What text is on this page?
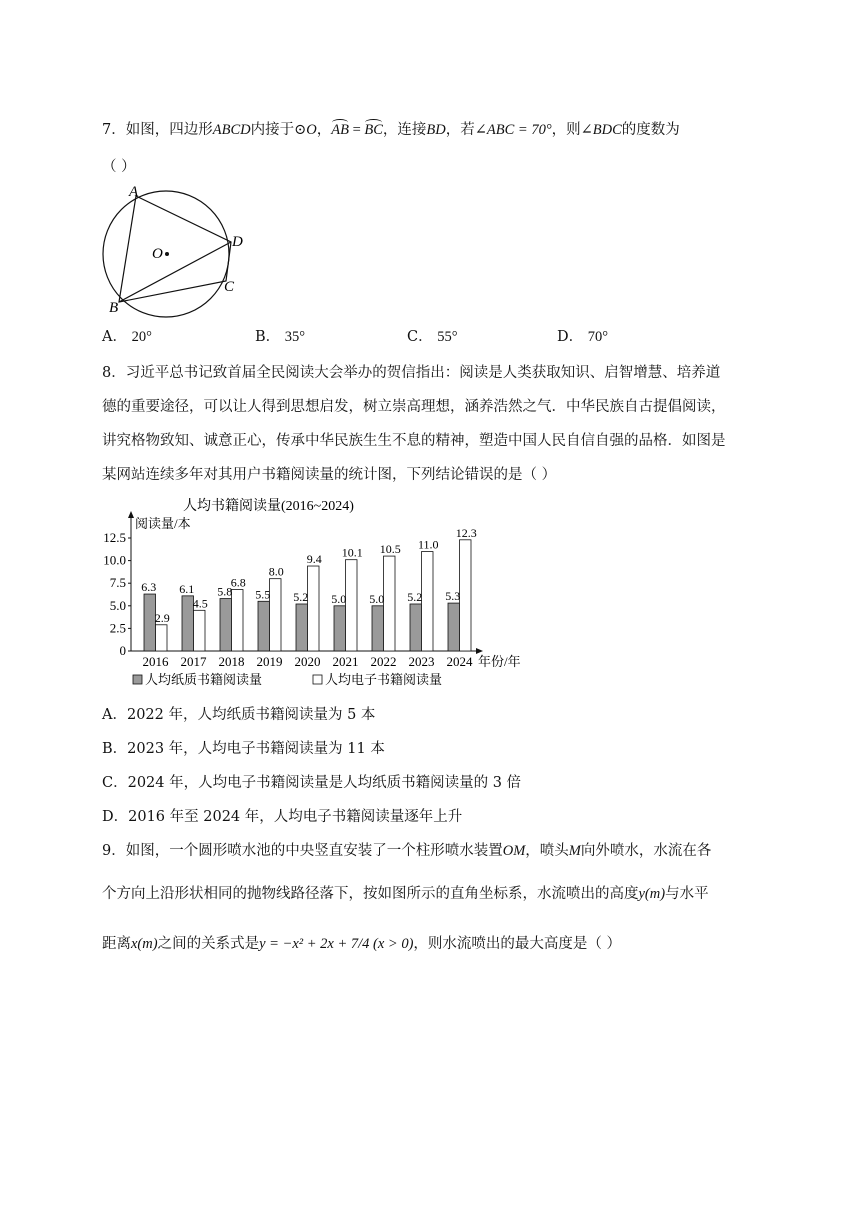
7．如图，四边形ABCD内接于⊙O，AB = BC，连接BD，若∠ABC = 70°，则∠BDC的度数为
（ ）
A
O
D
C
B
A． 20°	B． 35°	C． 55°	D． 70°
8．习近平总书记致首届全民阅读大会举办的贺信指出：阅读是人类获取知识、启智增慧、培养道
德的重要途径，可以让人得到思想启发，树立崇高理想，涵养浩然之气．中华民族自古提倡阅读，
讲究格物致知、诚意正心，传承中华民族生生不息的精神，塑造中国人民自信自强的品格．如图是
某网站连续多年对其用户书籍阅读量的统计图，下列结论错误的是（ ）
人均书籍阅读量(2016~2024)
阅读量/本
0
2.5
5.0
7.5
10.0
12.5
6.3
2.9
2016
6.1
4.5
2017
5.8
6.8
2018
5.5
8.0
2019
5.2
9.4
2020
5.0
10.1
2021
5.0
10.5
2022
5.2
11.0
2023
5.3
12.3
2024 年份/年
人均纸质书籍阅读量	人均电子书籍阅读量
A．2022 年，人均纸质书籍阅读量为 5 本
B．2023 年，人均电子书籍阅读量为 11 本
C．2024 年，人均电子书籍阅读量是人均纸质书籍阅读量的 3 倍
D．2016 年至 2024 年，人均电子书籍阅读量逐年上升
9．如图，一个圆形喷水池的中央竖直安装了一个柱形喷水装置OM，喷头M向外喷水，水流在各
个方向上沿形状相同的抛物线路径落下，按如图所示的直角坐标系，水流喷出的高度y(m)与水平
距离x(m)之间的关系式是y = −x² + 2x + 7/4 (x > 0)，则水流喷出的最大高度是（ ）
